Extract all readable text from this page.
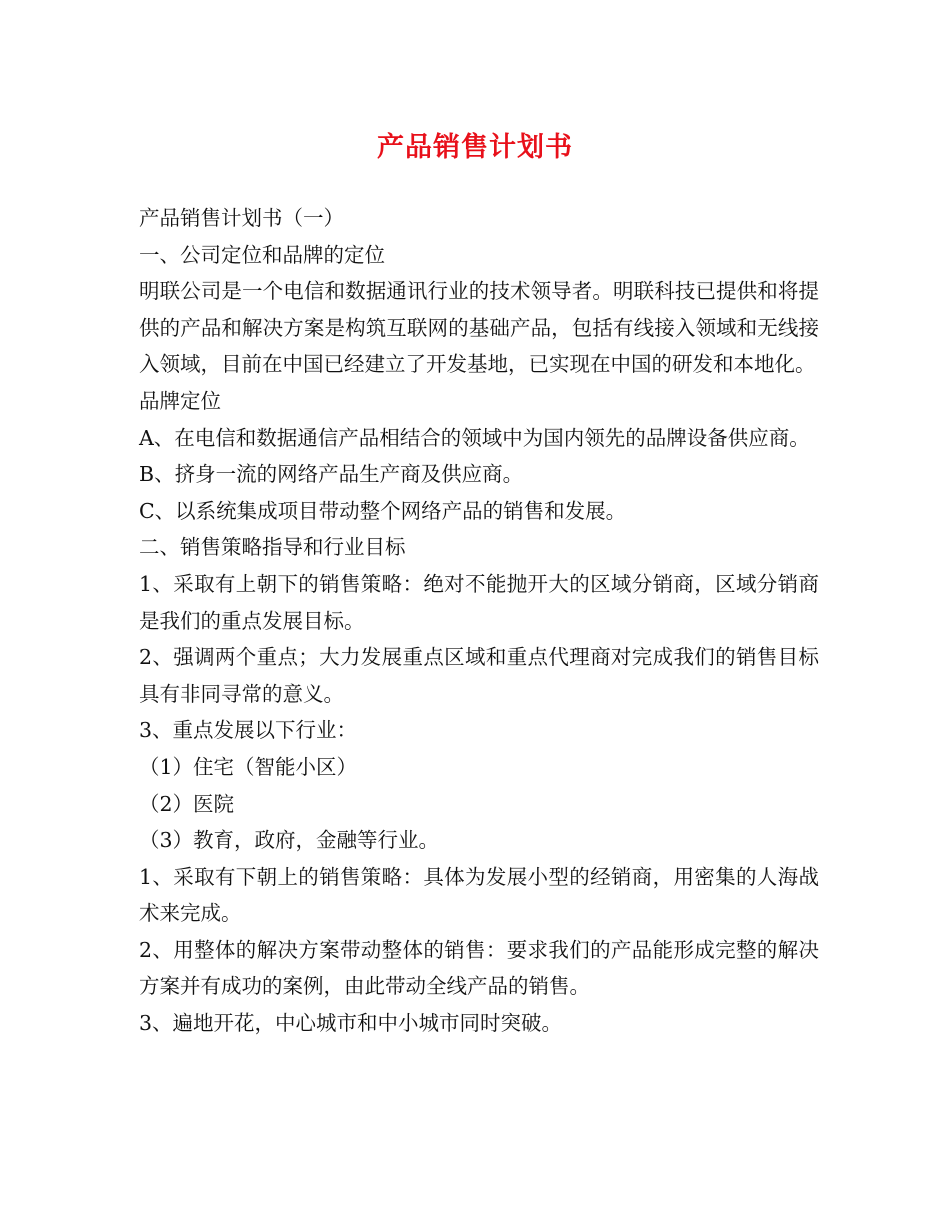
产品销售计划书

产品销售计划书（一）

一、公司定位和品牌的定位

明联公司是一个电信和数据通讯行业的技术领导者。明联科技已提供和将提供的产品和解决方案是构筑互联网的基础产品，包括有线接入领域和无线接入领域，目前在中国已经建立了开发基地，已实现在中国的研发和本地化。

品牌定位

A、在电信和数据通信产品相结合的领域中为国内领先的品牌设备供应商。

B、挤身一流的网络产品生产商及供应商。

C、以系统集成项目带动整个网络产品的销售和发展。

二、销售策略指导和行业目标

1、采取有上朝下的销售策略：绝对不能抛开大的区域分销商，区域分销商是我们的重点发展目标。

2、强调两个重点；大力发展重点区域和重点代理商对完成我们的销售目标具有非同寻常的意义。

3、重点发展以下行业：

（1）住宅（智能小区）

（2）医院

（3）教育，政府，金融等行业。

1、采取有下朝上的销售策略：具体为发展小型的经销商，用密集的人海战术来完成。

2、用整体的解决方案带动整体的销售：要求我们的产品能形成完整的解决方案并有成功的案例，由此带动全线产品的销售。

3、遍地开花，中心城市和中小城市同时突破。
